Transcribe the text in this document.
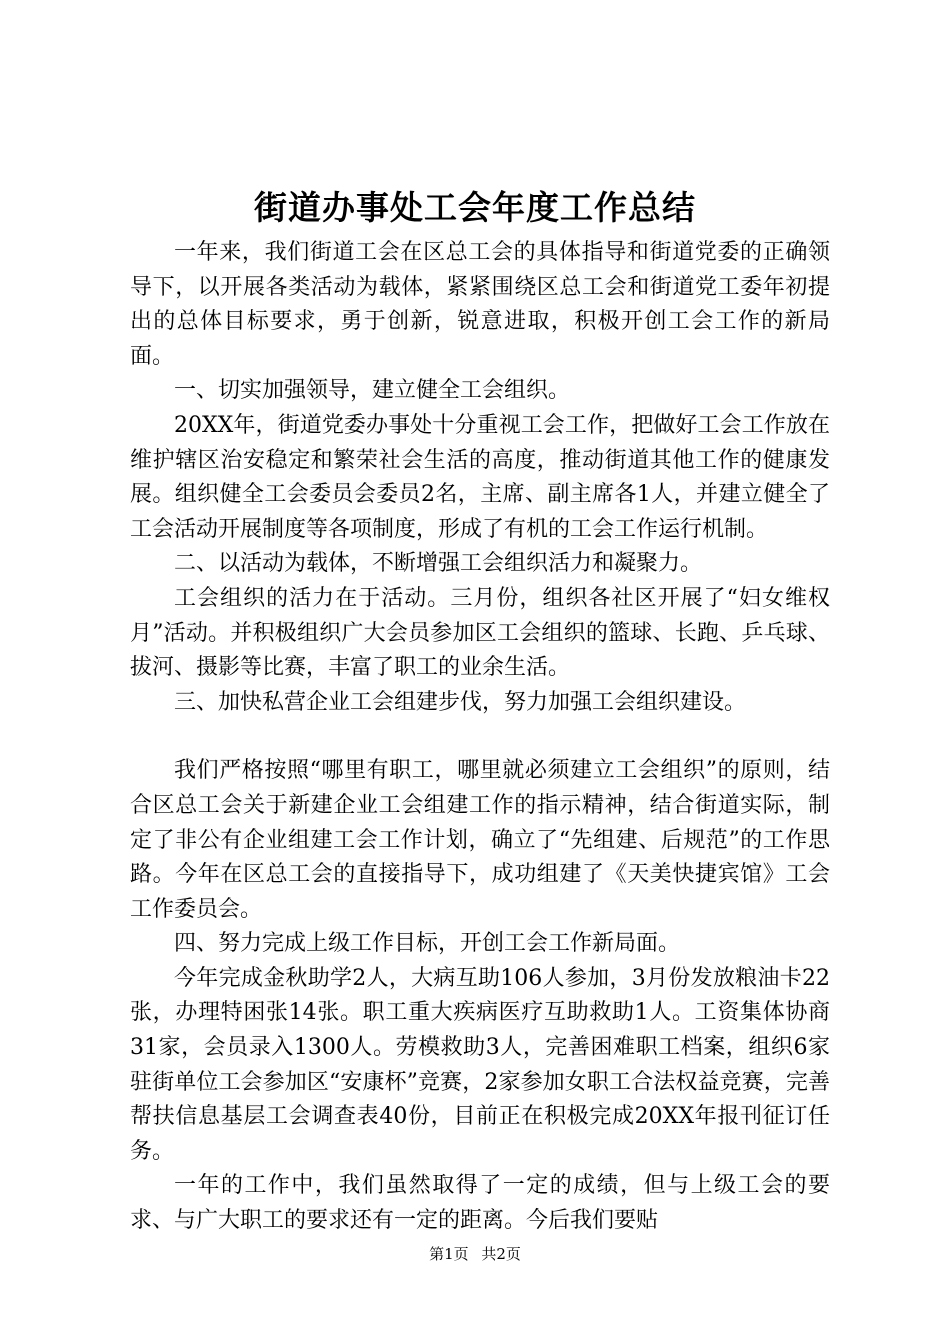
街道办事处工会年度工作总结

一年来，我们街道工会在区总工会的具体指导和街道党委的正确领导下，以开展各类活动为载体，紧紧围绕区总工会和街道党工委年初提出的总体目标要求，勇于创新，锐意进取，积极开创工会工作的新局面。

一、切实加强领导，建立健全工会组织。

20XX年，街道党委办事处十分重视工会工作，把做好工会工作放在维护辖区治安稳定和繁荣社会生活的高度，推动街道其他工作的健康发展。组织健全工会委员会委员2名，主席、副主席各1人，并建立健全了工会活动开展制度等各项制度，形成了有机的工会工作运行机制。

二、以活动为载体，不断增强工会组织活力和凝聚力。

工会组织的活力在于活动。三月份，组织各社区开展了“妇女维权月”活动。并积极组织广大会员参加区工会组织的篮球、长跑、乒乓球、拔河、摄影等比赛，丰富了职工的业余生活。

三、加快私营企业工会组建步伐，努力加强工会组织建设。

我们严格按照“哪里有职工，哪里就必须建立工会组织”的原则，结合区总工会关于新建企业工会组建工作的指示精神，结合街道实际，制定了非公有企业组建工会工作计划，确立了“先组建、后规范”的工作思路。今年在区总工会的直接指导下，成功组建了《天美快捷宾馆》工会工作委员会。

四、努力完成上级工作目标，开创工会工作新局面。

今年完成金秋助学2人，大病互助106人参加，3月份发放粮油卡22张，办理特困张14张。职工重大疾病医疗互助救助1人。工资集体协商31家，会员录入1300人。劳模救助3人，完善困难职工档案，组织6家驻街单位工会参加区“安康杯”竞赛，2家参加女职工合法权益竞赛，完善帮扶信息基层工会调查表40份，目前正在积极完成20XX年报刊征订任务。

一年的工作中，我们虽然取得了一定的成绩，但与上级工会的要求、与广大职工的要求还有一定的距离。今后我们要贴

第1页 共2页
